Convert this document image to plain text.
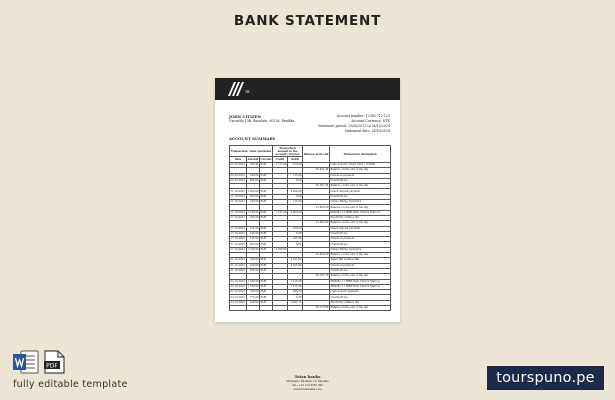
BANK STATEMENT
TB
JOHN CITIZEN
Cyrustilo 13B, Bucalato, 60136, Pandika
Account number: 12985-712-123
Account Currency: NTK
Statement period: 23/06/2023 to 24/10/2024
Statement date: 24/10/2024
ACCOUNT SUMMARY
Transaction, other operation			Transaction amount in the account currency		Balance at th end	Transaction desctiption
Date	Amount	Currency	Credit	Debit		
03.10.2022	745.45	EUR	2 177.00	275.00		Cash deposit / Depit Card / 70/N90
					20,451.34	Balance on the end of the day
04.10.2022	240.00	EUR		115.00		Checkout payment
04.10.2022	368.00	EUR		6.00		Overdraft fee
					20,651.84	Balance on the end of the day
11.10.2022	1 850.00	EUR		4 000.00		Check deposit payment
11.10.2022	320.00	EUR		5.00		Overdraft fee
11.10.2022	140.00	EUR		115.00		Online Billing Insurance
					21,860.60	Balance on the end of the day
11.10.2022	1 156.00	EUR	1 211.00	5 000.00		MMGB / 11 HHH Dlan Church Mall LA
17.10.2022	100.00	EUR				Electricity utilities bill
					21,983.68	Balance on the end of the day
17.10.2022	115.00	EUR		100.00		Check deposit payment
17.10.2022	145.00	EUR		6.00		Overdraft fee
17.10.2022	215.00	EUR		185.00		Checkout payment
17.10.2022	280.00	EUR		6.00		Overdraft fee
17.10.2022	1 160.00	EUR	1 160.00			Online Billing Insurance
					22,068.68	Balance on the end of the day
21.10.2022	145.00	EUR		4 165.00		Water Bill Utilities Bill
21.10.2022	120.00	EUR		4 105.00		Checkout payment
21.10.2022	320.00	EUR				Overdraft fee
					22,165.78	Balance on the end of the day
22.10.2022	1 340.00	EUR		1 215.00		MMGB / 11 HHH Dlan Church Mall LA
22.10.2022	1 780.00	EUR		1 215.00		MMGB / 11 HHH Dlan Church Mall LA
22.10.2022	145.00	EUR		385.00		Cash deposit payment
24.10.2022	175.00	EUR		6.00		Overdraft fee
24.10.2022	190.00	EUR		2,095.15		Electricity utilities bill
					22,175.98	Balance on the end of the day
Totan banks
Ministerio Bucalato 13, Pandika
Tel.: +15 123 4567 890
www.totanbanks.com
PDF
fully editable template	tourspuno.pe
